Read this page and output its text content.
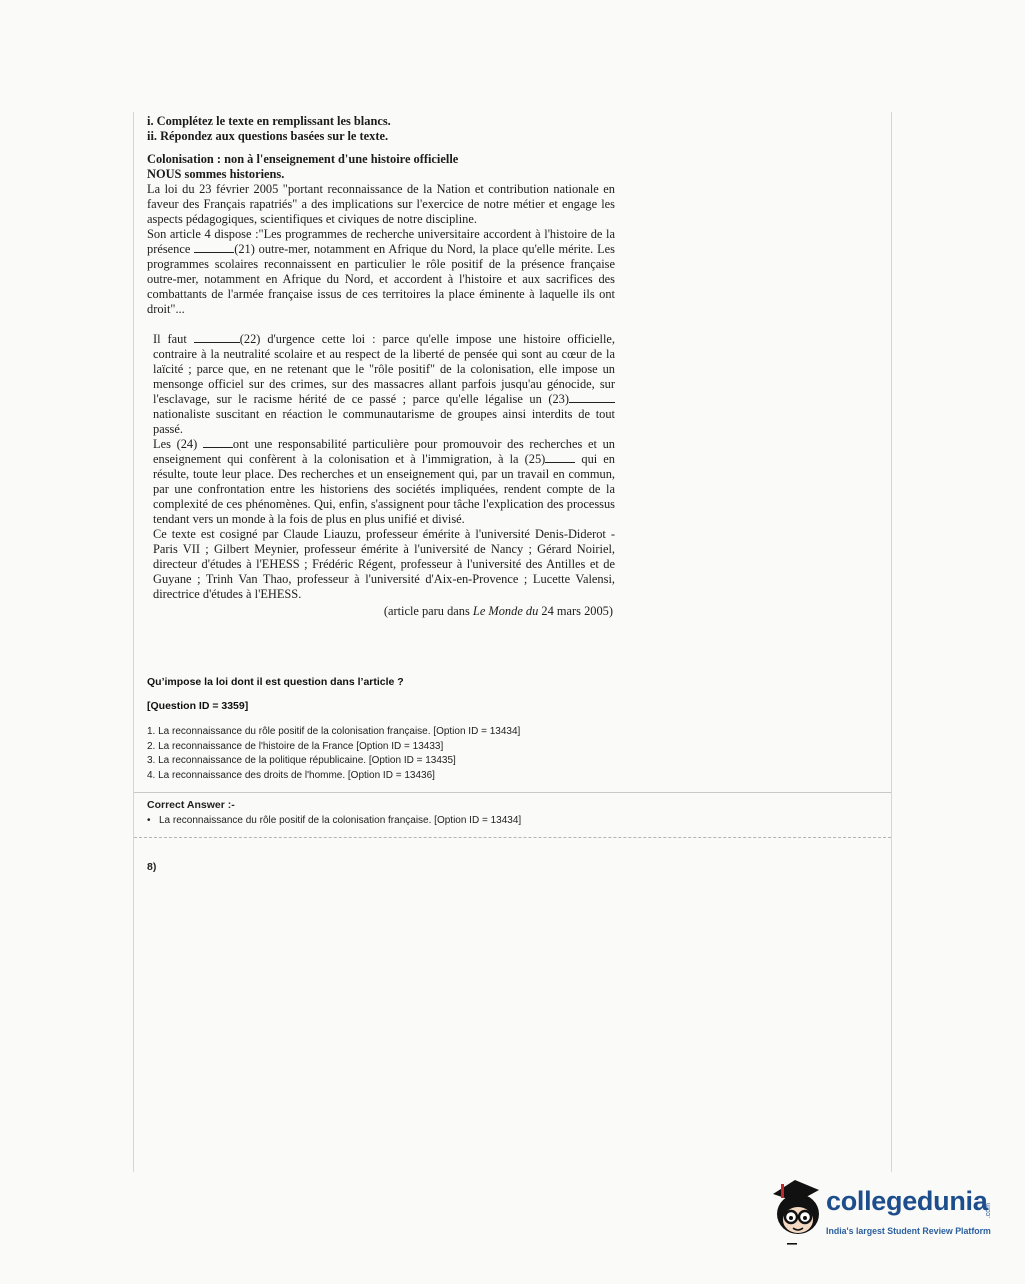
i. Complétez le texte en remplissant les blancs.

ii. Répondez aux questions basées sur le texte.

Colonisation : non à l'enseignement d'une histoire officielle

NOUS sommes historiens.

La loi du 23 février 2005 "portant reconnaissance de la Nation et contribution nationale en faveur des Français rapatriés" a des implications sur l'exercice de notre métier et engage les aspects pédagogiques, scientifiques et civiques de notre discipline.

Son article 4 dispose :"Les programmes de recherche universitaire accordent à l'histoire de la présence	(21) outre-mer, notamment en Afrique du Nord, la place qu'elle mérite. Les programmes scolaires reconnaissent en particulier le rôle positif de la présence française outre-mer, notamment en Afrique du Nord, et accordent à l'histoire et aux sacrifices des combattants de l'armée française issus de ces territoires la place éminente à laquelle ils ont droit"...

Il faut	(22) d'urgence cette loi : parce qu'elle impose une histoire officielle, contraire à la neutralité scolaire et au respect de la liberté de pensée qui sont au cœur de la laïcité ; parce que, en ne retenant que le "rôle positif" de la colonisation, elle impose un mensonge officiel sur des crimes, sur des massacres allant parfois jusqu'au génocide, sur l'esclavage, sur le racisme hérité de ce passé ; parce qu'elle légalise un (23) nationaliste suscitant en réaction le communautarisme de groupes ainsi interdits de tout passé.

Les (24) ont une responsabilité particulière pour promouvoir des recherches et un enseignement qui confèrent à la colonisation et à l'immigration, à la (25) qui en résulte, toute leur place. Des recherches et un enseignement qui, par un travail en commun, par une confrontation entre les historiens des sociétés impliquées, rendent compte de la complexité de ces phénomènes. Qui, enfin, s'assignent pour tâche l'explication des processus tendant vers un monde à la fois de plus en plus unifié et divisé.

Ce texte est cosigné par Claude Liauzu, professeur émérite à l'université Denis-Diderot - Paris VII ; Gilbert Meynier, professeur émérite à l'université de Nancy ; Gérard Noiriel, directeur d'études à l'EHESS ; Frédéric Régent, professeur à l'université des Antilles et de Guyane ; Trinh Van Thao, professeur à l'université d'Aix-en-Provence ; Lucette Valensi, directrice d'études à l'EHESS.

(article paru dans Le Monde du 24 mars 2005)

Qu’impose la loi dont il est question dans l’article ?
[Question ID = 3359]

1. La reconnaissance du rôle positif de la colonisation française. [Option ID = 13434]

2. La reconnaissance de l'histoire de la France [Option ID = 13433]

3. La reconnaissance de la politique républicaine. [Option ID = 13435]

4. La reconnaissance des droits de l'homme. [Option ID = 13436]

Correct Answer :-
• La reconnaissance du rôle positif de la colonisation française. [Option ID = 13434]
8)
collegedunia
.com
India's largest Student Review Platform
